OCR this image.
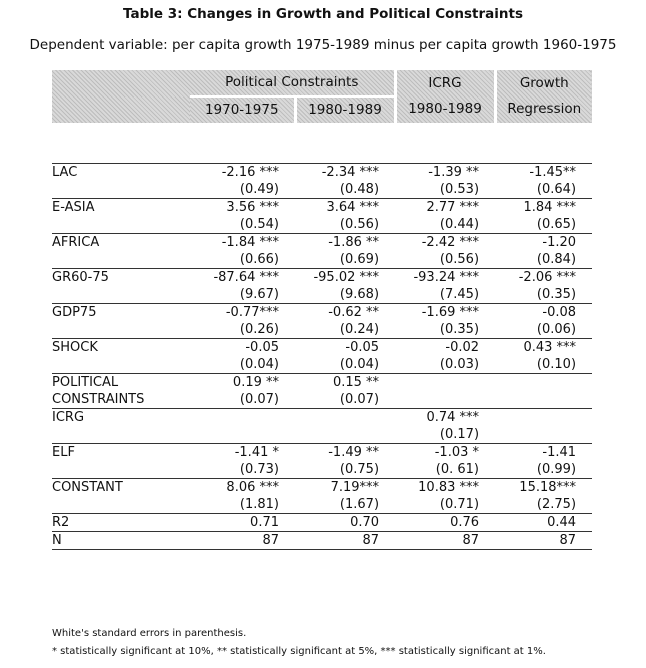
Table 3: Changes in Growth and Political Constraints
Dependent variable: per capita growth 1975-1989 minus per capita growth 1960-1975
	Political Constraints		ICRG	Growth
	1970-1975	1980-1989	1980-1989	Regression

LAC	-2.16 ***	-2.34 ***	-1.39 **	-1.45**
	(0.49)	(0.48)	(0.53)	(0.64)
E-ASIA	3.56 ***	3.64 ***	2.77 ***	1.84 ***
	(0.54)	(0.56)	(0.44)	(0.65)
AFRICA	-1.84 ***	-1.86 **	-2.42 ***	-1.20
	(0.66)	(0.69)	(0.56)	(0.84)
GR60-75	-87.64 ***	-95.02 ***	-93.24 ***	-2.06 ***
	(9.67)	(9.68)	(7.45)	(0.35)
GDP75	-0.77***	-0.62 **	-1.69 ***	-0.08
	(0.26)	(0.24)	(0.35)	(0.06)
SHOCK	-0.05	-0.05	-0.02	0.43 ***
	(0.04)	(0.04)	(0.03)	(0.10)
POLITICAL	0.19 **	0.15 **		
CONSTRAINTS	(0.07)	(0.07)		
ICRG			0.74 ***	
			(0.17)	
ELF	-1.41 *	-1.49 **	-1.03 *	-1.41
	(0.73)	(0.75)	(0. 61)	(0.99)
CONSTANT	8.06 ***	7.19***	10.83 ***	15.18***
	(1.81)	(1.67)	(0.71)	(2.75)
R2	0.71	0.70	0.76	0.44
N	87	87	87	87
White's standard errors in parenthesis.
* statistically significant at 10%, ** statistically significant at 5%, *** statistically significant at 1%.
